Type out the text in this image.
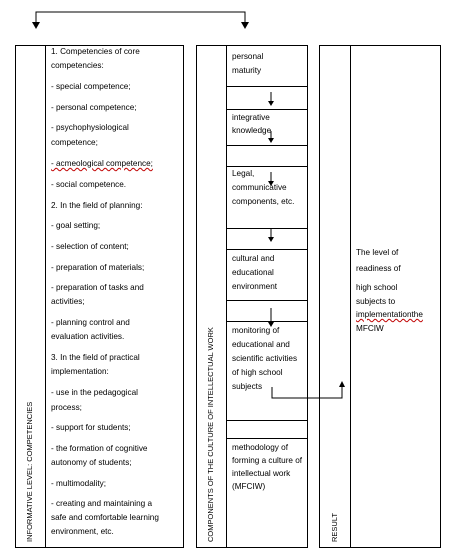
INFORMATIVE LEVEL: COMPETENCIES

1. Competencies of core

competencies:

- special competence;

- personal competence;

- psychophysiological

competence;

- acmeological competence;

- social competence.

2. In the field of planning:

- goal setting;

- selection of content;

- preparation of materials;

- preparation of tasks and

activities;

- planning control and

evaluation activities.

3. In the field of practical

implementation:

- use in the pedagogical

process;

- support for students;

- the formation of cognitive

autonomy of students;

- multimodality;

- creating and maintaining a

safe and comfortable learning

environment, etc.	COMPONENTS OF THE CULTURE OF INTELLECTUAL WORK
personal maturity
integrative knowledge
Legal, communicative components, etc.
cultural and educational environment
monitoring of educational and scientific activities of high school subjects
methodology of forming a culture of intellectual work (MFCIW)
RESULT

The level of

readiness of

high school

subjects to

implementationthe

MFCIW
